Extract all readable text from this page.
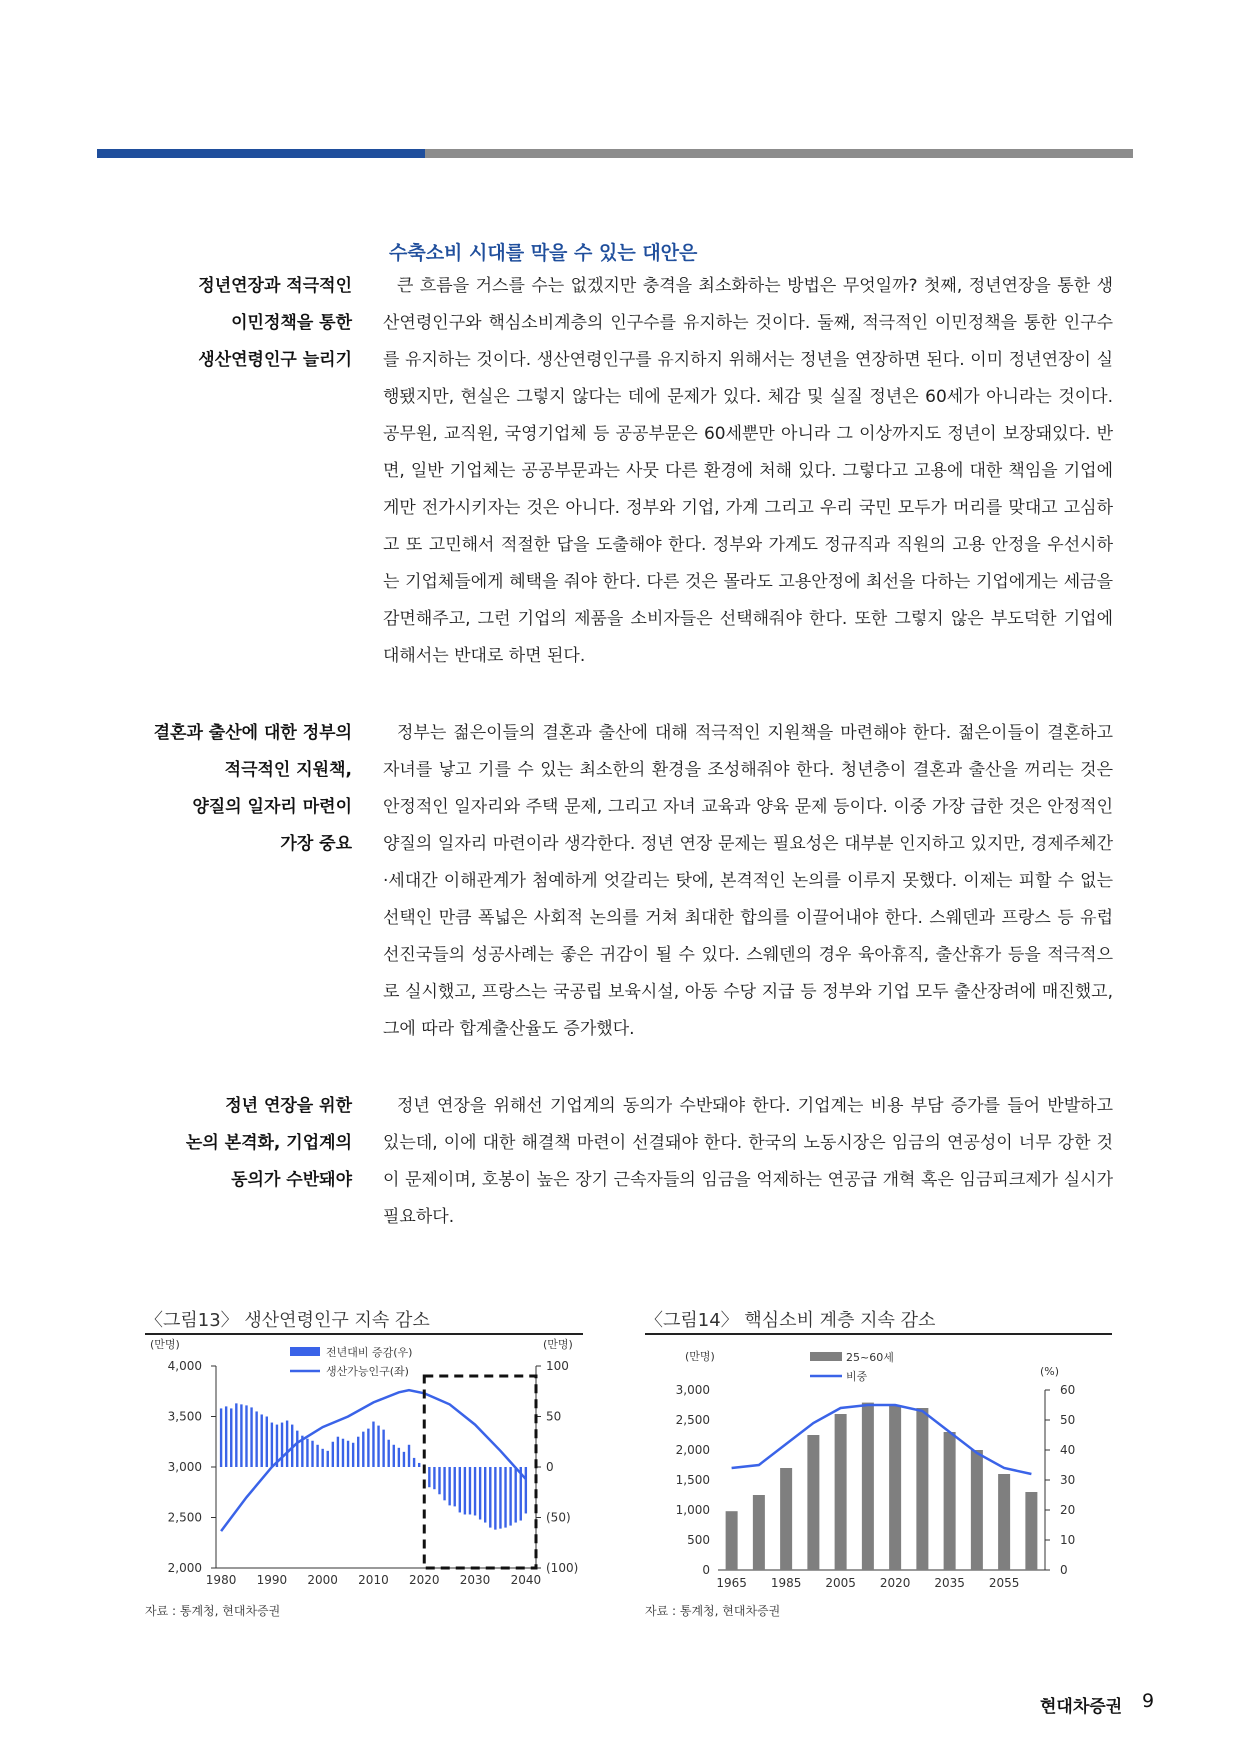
수축소비 시대를 막을 수 있는 대안은
정년연장과 적극적인
이민정책을 통한
생산연령인구 늘리기
큰 흐름을 거스를 수는 없겠지만 충격을 최소화하는 방법은 무엇일까? 첫째, 정년연장을 통한 생산연령인구와 핵심소비계층의 인구수를 유지하는 것이다. 둘째, 적극적인 이민정책을 통한 인구수를 유지하는 것이다. 생산연령인구를 유지하지 위해서는 정년을 연장하면 된다. 이미 정년연장이 실행됐지만, 현실은 그렇지 않다는 데에 문제가 있다. 체감 및 실질 정년은 60세가 아니라는 것이다. 공무원, 교직원, 국영기업체 등 공공부문은 60세뿐만 아니라 그 이상까지도 정년이 보장돼있다. 반면, 일반 기업체는 공공부문과는 사뭇 다른 환경에 처해 있다. 그렇다고 고용에 대한 책임을 기업에게만 전가시키자는 것은 아니다. 정부와 기업, 가계 그리고 우리 국민 모두가 머리를 맞대고 고심하고 또 고민해서 적절한 답을 도출해야 한다. 정부와 가계도 정규직과 직원의 고용 안정을 우선시하는 기업체들에게 혜택을 줘야 한다. 다른 것은 몰라도 고용안정에 최선을 다하는 기업에게는 세금을 감면해주고, 그런 기업의 제품을 소비자들은 선택해줘야 한다. 또한 그렇지 않은 부도덕한 기업에 대해서는 반대로 하면 된다.
결혼과 출산에 대한 정부의
적극적인 지원책,
양질의 일자리 마련이
가장 중요
정부는 젊은이들의 결혼과 출산에 대해 적극적인 지원책을 마련해야 한다. 젊은이들이 결혼하고 자녀를 낳고 기를 수 있는 최소한의 환경을 조성해줘야 한다. 청년층이 결혼과 출산을 꺼리는 것은 안정적인 일자리와 주택 문제, 그리고 자녀 교육과 양육 문제 등이다. 이중 가장 급한 것은 안정적인 양질의 일자리 마련이라 생각한다. 정년 연장 문제는 필요성은 대부분 인지하고 있지만, 경제주체간·세대간 이해관계가 첨예하게 엇갈리는 탓에, 본격적인 논의를 이루지 못했다. 이제는 피할 수 없는 선택인 만큼 폭넓은 사회적 논의를 거쳐 최대한 합의를 이끌어내야 한다. 스웨덴과 프랑스 등 유럽 선진국들의 성공사례는 좋은 귀감이 될 수 있다. 스웨덴의 경우 육아휴직, 출산휴가 등을 적극적으로 실시했고, 프랑스는 국공립 보육시설, 아동 수당 지급 등 정부와 기업 모두 출산장려에 매진했고, 그에 따라 합계출산율도 증가했다.
정년 연장을 위한
논의 본격화, 기업계의
동의가 수반돼야
정년 연장을 위해선 기업계의 동의가 수반돼야 한다. 기업계는 비용 부담 증가를 들어 반발하고 있는데, 이에 대한 해결책 마련이 선결돼야 한다. 한국의 노동시장은 임금의 연공성이 너무 강한 것이 문제이며, 호봉이 높은 장기 근속자들의 임금을 억제하는 연공급 개혁 혹은 임금피크제가 실시가 필요하다.
〈그림13〉 생산연령인구 지속 감소
(만명)	(만명)
4,000
3,500
3,000
2,500
2,000
100
50
0
(50)
(100)
1980 1990 2000 2010 2020 2030 2040
전년대비 증감(우)
생산가능인구(좌)
자료 : 통계청, 현대차증권
〈그림14〉 핵심소비 계층 지속 감소
(만명)
(%)
3,000
2,500
2,000
1,500
1,000
500
0
60
50
40
30
20
10
0
1965 1985 2005 2020 2035 2055
25~60세
비중
자료 : 통계청, 현대차증권
현대차증권 9
